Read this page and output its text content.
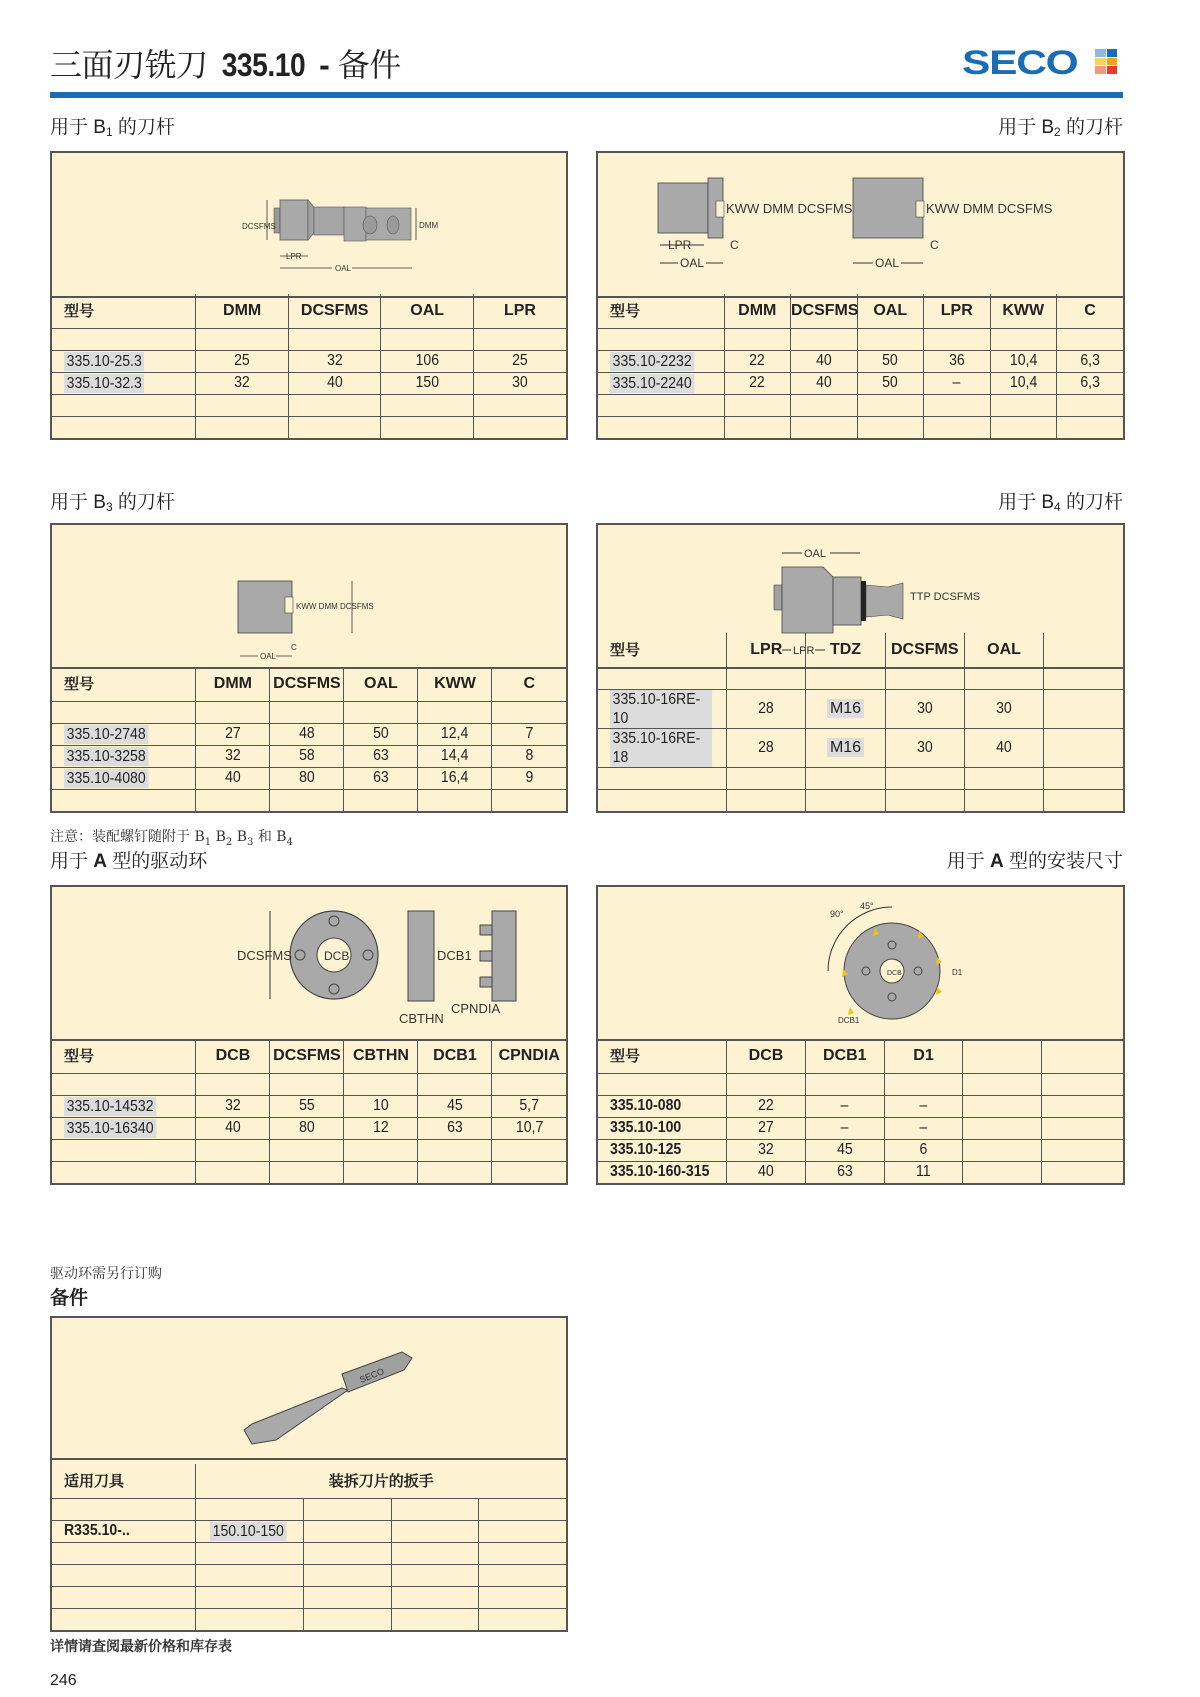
三面刃铣刀 335.10 - 备件	SECO
用于 $B_1$ 的刀杆
DCSFMS	DMM
LPR
OAL
型号	DMM	DCSFMS	OAL	LPR

335.10-25.3	25	32	106	25
335.10-32.3	32	40	150	30

用于 $B_2$ 的刀杆
KWW DMM DCSFMS
LPR	C
OAL
KWW DMM DCSFMS
C
OAL
型号	DMM	DCSFMS	OAL	LPR	KWW	C

335.10-2232	22	40	50	36	10,4	6,3
335.10-2240	22	40	50	–	10,4	6,3

用于 $B_3$ 的刀杆
KWW DMM DCSFMS
C
OAL
型号	DMM	DCSFMS	OAL	KWW	C

335.10-2748	27	48	50	12,4	7
335.10-3258	32	58	63	14,4	8
335.10-4080	40	80	63	16,4	9

用于 $B_4$ 的刀杆
OAL
TTP DCSFMS
LPR
型号	LPR	TDZ	DCSFMS	OAL	

335.10-16RE-10	28	M16	30	30	
335.10-16RE-18	28	M16	30	40	

注意：装配螺钉随附于 $B_1$ $B_2$ $B_3$ 和 $B_4$
用于 A 型的驱动环
DCSFMS	DCB	DCB1
CBTHN
CPNDIA
型号	DCB	DCSFMS	CBTHN	DCB1	CPNDIA

335.10-14532	32	55	10	45	5,7
335.10-16340	40	80	12	63	10,7

用于 A 型的安装尺寸
90°
45°
DCB	D1
DCB1
型号	DCB	DCB1	D1		

335.10-080	22	–	–		
335.10-100	27	–	–		
335.10-125	32	45	6		
335.10-160-315	40	63	11		
驱动环需另行订购
备件
SECO
适用刀具	装拆刀片的扳手			

R335.10-..	150.10-150			

详情请查阅最新价格和库存表
246
